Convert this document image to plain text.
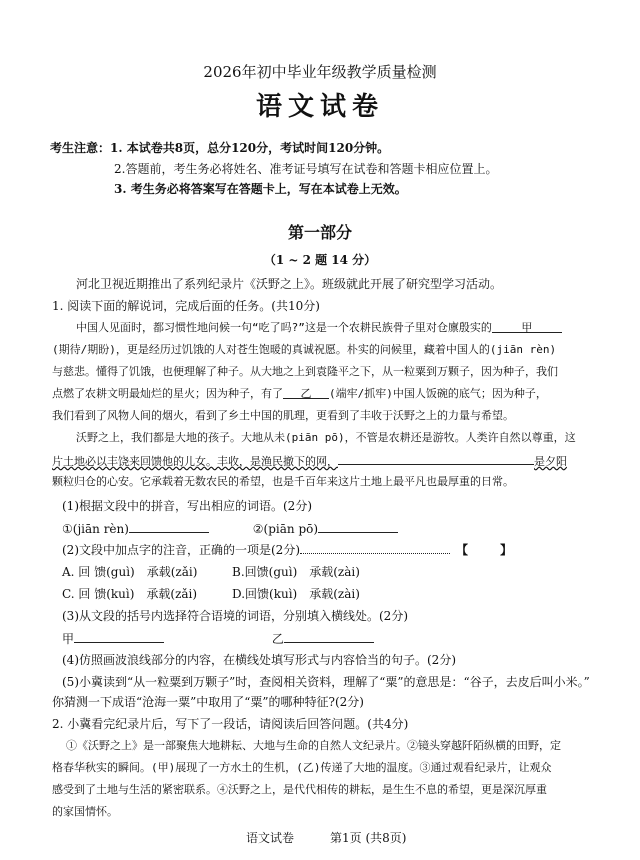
2026年初中毕业年级教学质量检测
语文试卷
考生注意：1. 本试卷共8页，总分120分，考试时间120分钟。
2.答题前，考生务必将姓名、准考证号填写在试卷和答题卡相应位置上。
3. 考生务必将答案写在答题卡上，写在本试卷上无效。
第一部分
（1 ~ 2 题 14 分）
河北卫视近期推出了系列纪录片《沃野之上》。班级就此开展了研究型学习活动。
1. 阅读下面的解说词，完成后面的任务。(共10分)
中国人见面时，都习惯性地问候一句“吃了吗?”这是一个农耕民族骨子里对仓廪殷实的	甲
(期待/期盼)，更是经历过饥饿的人对苍生饱暖的真诚祝愿。朴实的问候里，藏着中国人的(jiān rèn)
与慈悲。懂得了饥饿，也便理解了种子。从大地之上到袁隆平之下，从一粒粟到万颗子，因为种子，我们
点燃了农耕文明最灿烂的星火；因为种子，有了 乙 (端牢/抓牢)中国人饭碗的底气；因为种子，
我们看到了风物人间的烟火，看到了乡土中国的肌理，更看到了丰收于沃野之上的力量与希望。
沃野之上，我们都是大地的孩子。大地从未(piān pō)，不管是农耕还是游牧。人类许自然以尊重，这
片土地必以丰饶来回馈他的儿女。丰收，是渔民撤下的网，	是夕阳
颗粒归仓的心安。它承载着无数农民的希望，也是千百年来这片土地上最平凡也最厚重的日常。
(1)根据文段中的拼音，写出相应的词语。(2分)
①(jiān rèn)	②(piān pō)
(2)文段中加点字的注音，正确的一项是(2分)	【 】
A. 回 馈(guì)　承载(zǎi)	B.回馈(guì)　承载(zài)
C. 回 馈(kuì)　承载(zǎi)	D.回馈(kuì)　承载(zài)
(3)从文段的括号内选择符合语境的词语，分别填入横线处。(2分)
甲	乙
(4)仿照画波浪线部分的内容，在横线处填写形式与内容恰当的句子。(2分)
(5)小冀读到“从一粒粟到万颗子”时，查阅相关资料，理解了“粟”的意思是：“谷子，去皮后叫小米。”
你猜测一下成语“沧海一粟”中取用了“粟”的哪种特征?(2分)
2. 小冀看完纪录片后，写下了一段话，请阅读后回答问题。(共4分)
①《沃野之上》是一部聚焦大地耕耘、大地与生命的自然人文纪录片。②镜头穿越阡陌纵横的田野，定
格春华秋实的瞬间。(甲)展现了一方水土的生机，(乙)传递了大地的温度。③通过观看纪录片，让观众
感受到了土地与生活的紧密联系。④沃野之上，是代代相传的耕耘，是生生不息的希望，更是深沉厚重
的家国情怀。
语文试卷	第1页 (共8页)
